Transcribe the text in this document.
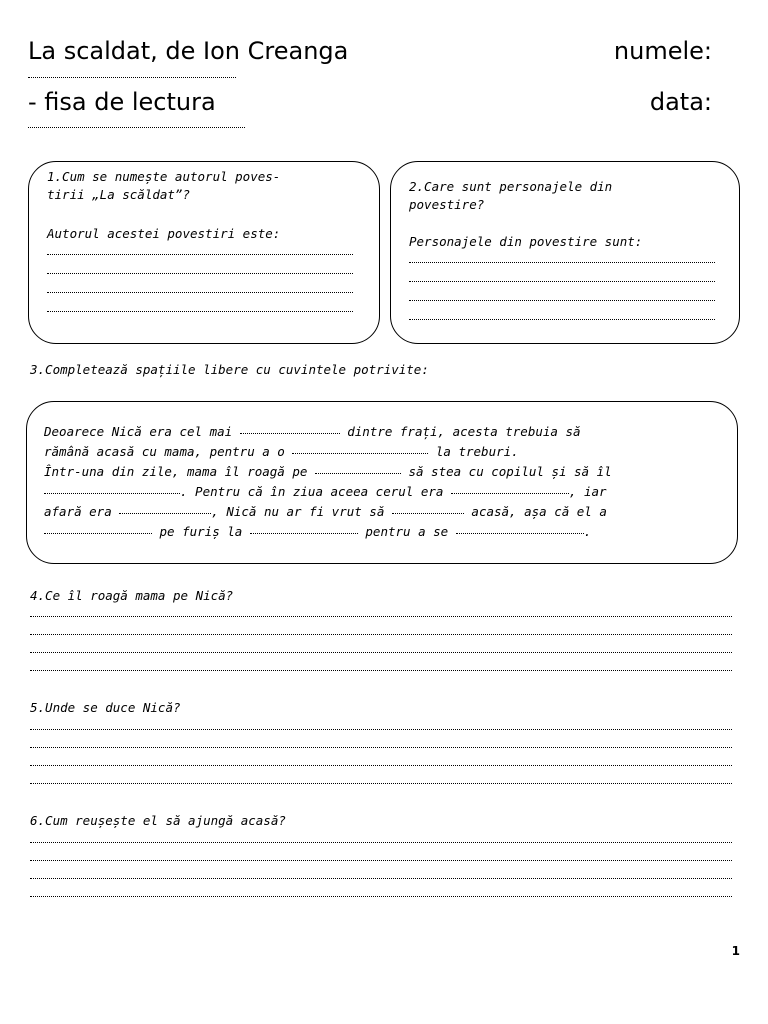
La scaldat, de Ion Creanga
- fisa de lectura
numele:
data:
1.Cum se numește autorul poves-
tirii „La scăldat”?
Autorul acestei povestiri este:
2.Care sunt personajele din
povestire?
Personajele din povestire sunt:
3.Completează spațiile libere cu cuvintele potrivite:
Deoarece Nică era cel mai	dintre frați, acesta trebuia să
rămână acasă cu mama, pentru a o	la treburi.
Într-una din zile, mama îl roagă pe	să stea cu copilul și să îl
. Pentru că în ziua aceea cerul era	, iar
afară era	, Nică nu ar fi vrut să	acasă, așa că el a
pe furiș la	pentru a se	.
4.Ce îl roagă mama pe Nică?
5.Unde se duce Nică?
6.Cum reușește el să ajungă acasă?
1
